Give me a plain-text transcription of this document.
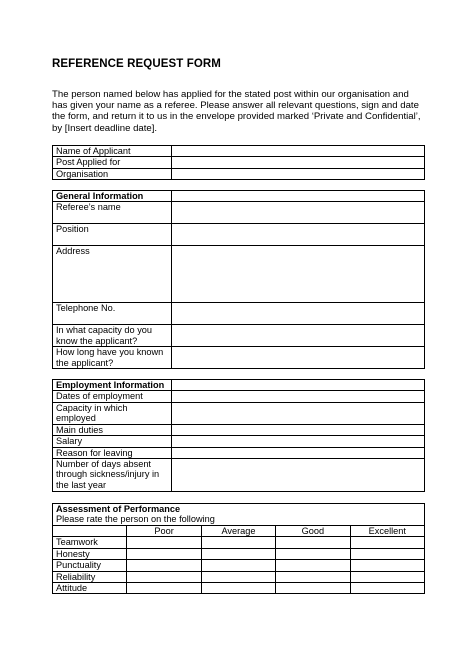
REFERENCE REQUEST FORM
The person named below has applied for the stated post within our organisation and has given your name as a referee. Please answer all relevant questions, sign and date the form, and return it to us in the envelope provided marked ‘Private and Confidential’, by [Insert deadline date].
Name of Applicant	
Post Applied for	
Organisation	
General Information	
Referee’s name	
Position	
Address	
Telephone No.	
In what capacity do you know the applicant?	
How long have you known the applicant?	
Employment Information	
Dates of employment	
Capacity in which employed	
Main duties	
Salary	
Reason for leaving	
Number of days absent through sickness/injury in the last year	
Assessment of Performance
Please rate the person on the following				

	Poor	Average	Good	Excellent
Teamwork				
Honesty				
Punctuality				
Reliability				
Attitude				
